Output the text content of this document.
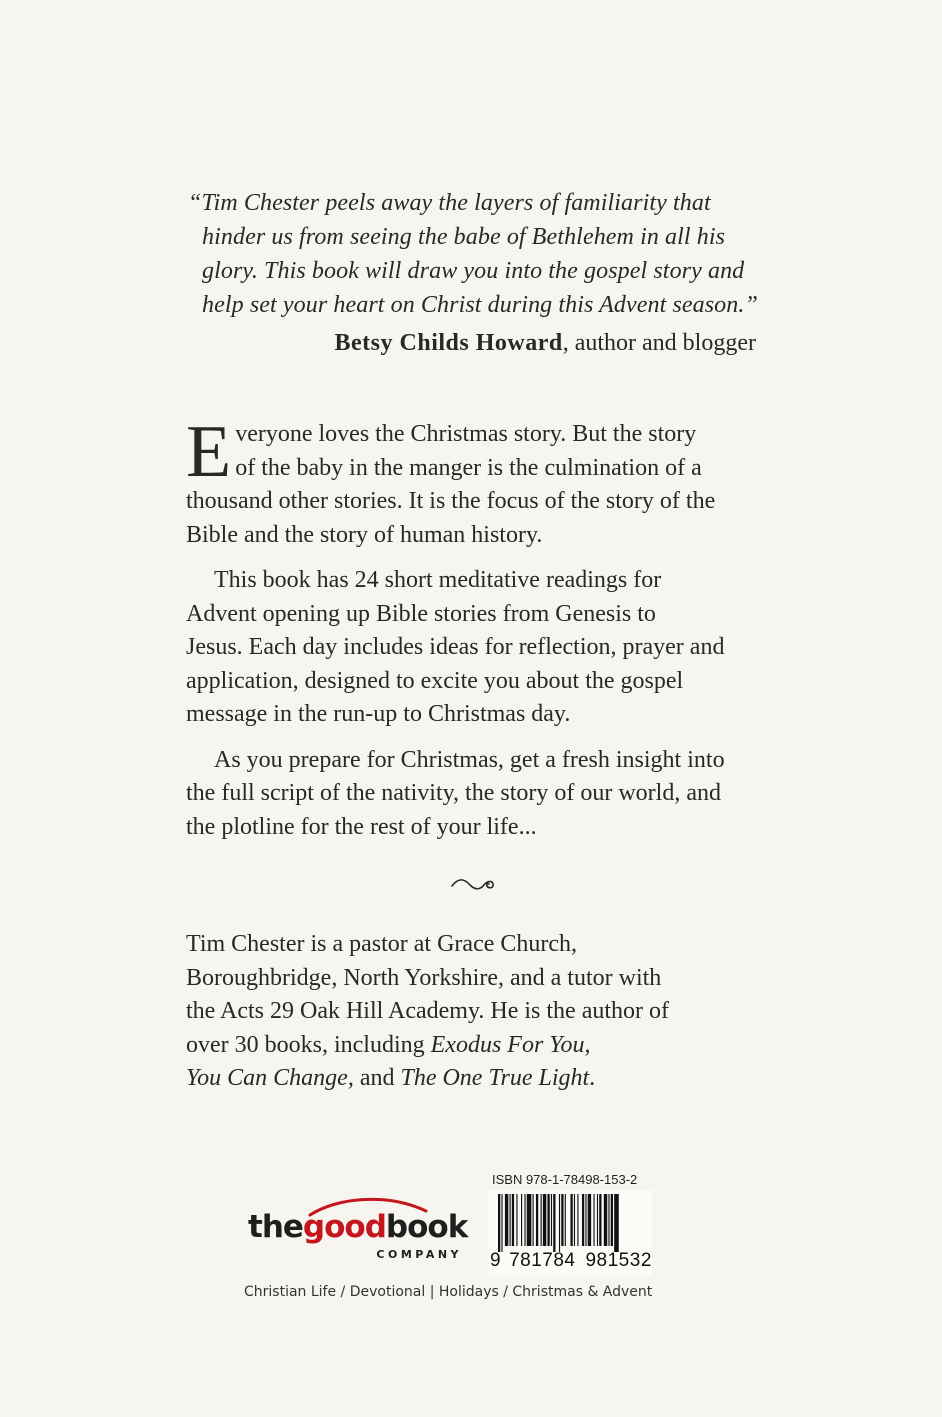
“Tim Chester peels away the layers of familiarity that
hinder us from seeing the babe of Bethlehem in all his
glory. This book will draw you into the gospel story and
help set your heart on Christ during this Advent season.”
Betsy Childs Howard, author and blogger

E veryone loves the Christmas story. But the story
of the baby in the manger is the culmination of a
thousand other stories. It is the focus of the story of the
Bible and the story of human history.

This book has 24 short meditative readings for
Advent opening up Bible stories from Genesis to
Jesus. Each day includes ideas for reflection, prayer and
application, designed to excite you about the gospel
message in the run-up to Christmas day.

As you prepare for Christmas, get a fresh insight into
the full script of the nativity, the story of our world, and
the plotline for the rest of your life...

Tim Chester is a pastor at Grace Church,
Boroughbridge, North Yorkshire, and a tutor with
the Acts 29 Oak Hill Academy. He is the author of
over 30 books, including Exodus For You,
You Can Change, and The One True Light.
thegoodbook
COMPANY
ISBN 978-1-78498-153-2
9 781784 981532
Christian Life / Devotional | Holidays / Christmas & Advent
